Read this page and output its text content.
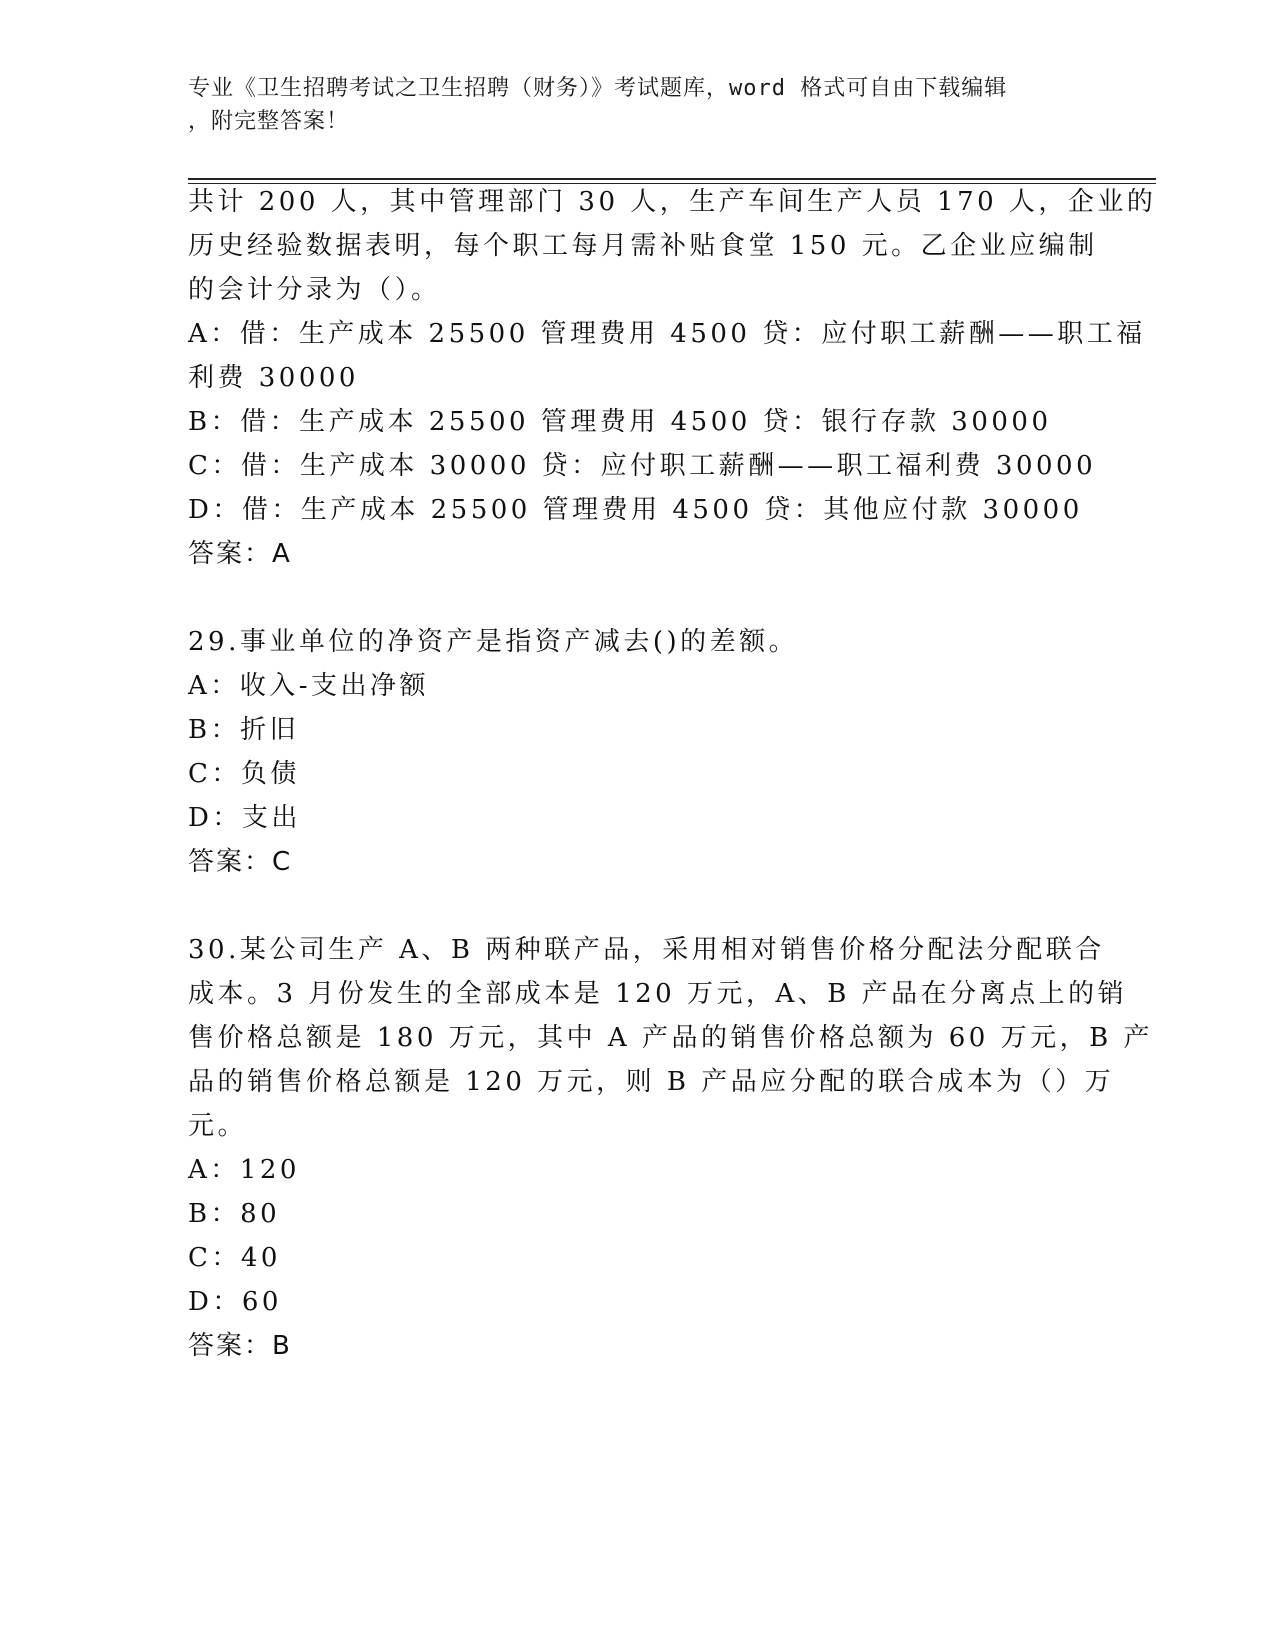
专业《卫生招聘考试之卫生招聘（财务）》考试题库，word 格式可自由下载编辑
，附完整答案！
共计 200 人，其中管理部门 30 人，生产车间生产人员 170 人，企业的
历史经验数据表明，每个职工每月需补贴食堂 150 元。乙企业应编制
的会计分录为（）。
A：借：生产成本 25500 管理费用 4500 贷：应付职工薪酬——职工福
利费 30000
B：借：生产成本 25500 管理费用 4500 贷：银行存款 30000
C：借：生产成本 30000 贷：应付职工薪酬——职工福利费 30000
D：借：生产成本 25500 管理费用 4500 贷：其他应付款 30000
答案：A
29.事业单位的净资产是指资产减去()的差额。
A：收入-支出净额
B：折旧
C：负债
D：支出
答案：C
30.某公司生产 A、B 两种联产品，采用相对销售价格分配法分配联合
成本。3 月份发生的全部成本是 120 万元，A、B 产品在分离点上的销
售价格总额是 180 万元，其中 A 产品的销售价格总额为 60 万元，B 产
品的销售价格总额是 120 万元，则 B 产品应分配的联合成本为（）万
元。
A：120
B：80
C：40
D：60
答案：B
